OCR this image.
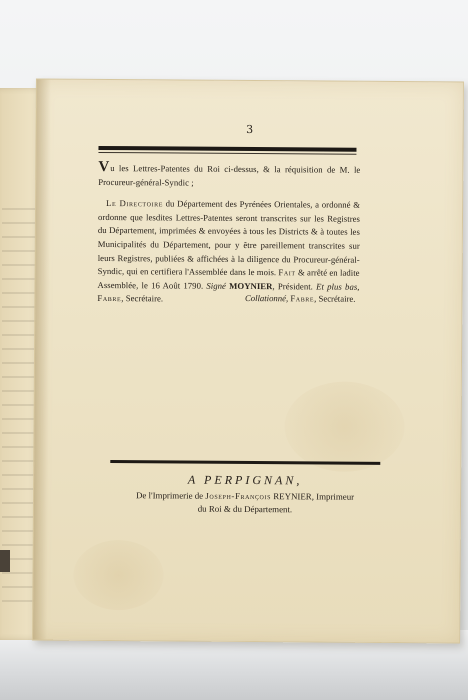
3

Vu les Lettres-Patentes du Roi ci-dessus, & la réquisition de M. le Procureur-général-Syndic ;

Le Directoire du Département des Pyrénées Orientales, a ordonné & ordonne que lesdites Lettres-Patentes seront transcrites sur les Registres du Département, imprimées & envoyées à tous les Districts & à toutes les Municipalités du Département, pour y être pareillement transcrites sur leurs Registres, publiées & affichées à la diligence du Procureur-général-Syndic, qui en certifiera l'Assemblée dans le mois. Fait & arrêté en ladite Assemblée, le 16 Août 1790. Signé MOYNIER, Président. Et plus bas, Fabre, Secrétaire.	Collationné, Fabre, Secrétaire.
A PERPIGNAN,
De l'Imprimerie de Joseph-François REYNIER, Imprimeur
du Roi & du Département.
